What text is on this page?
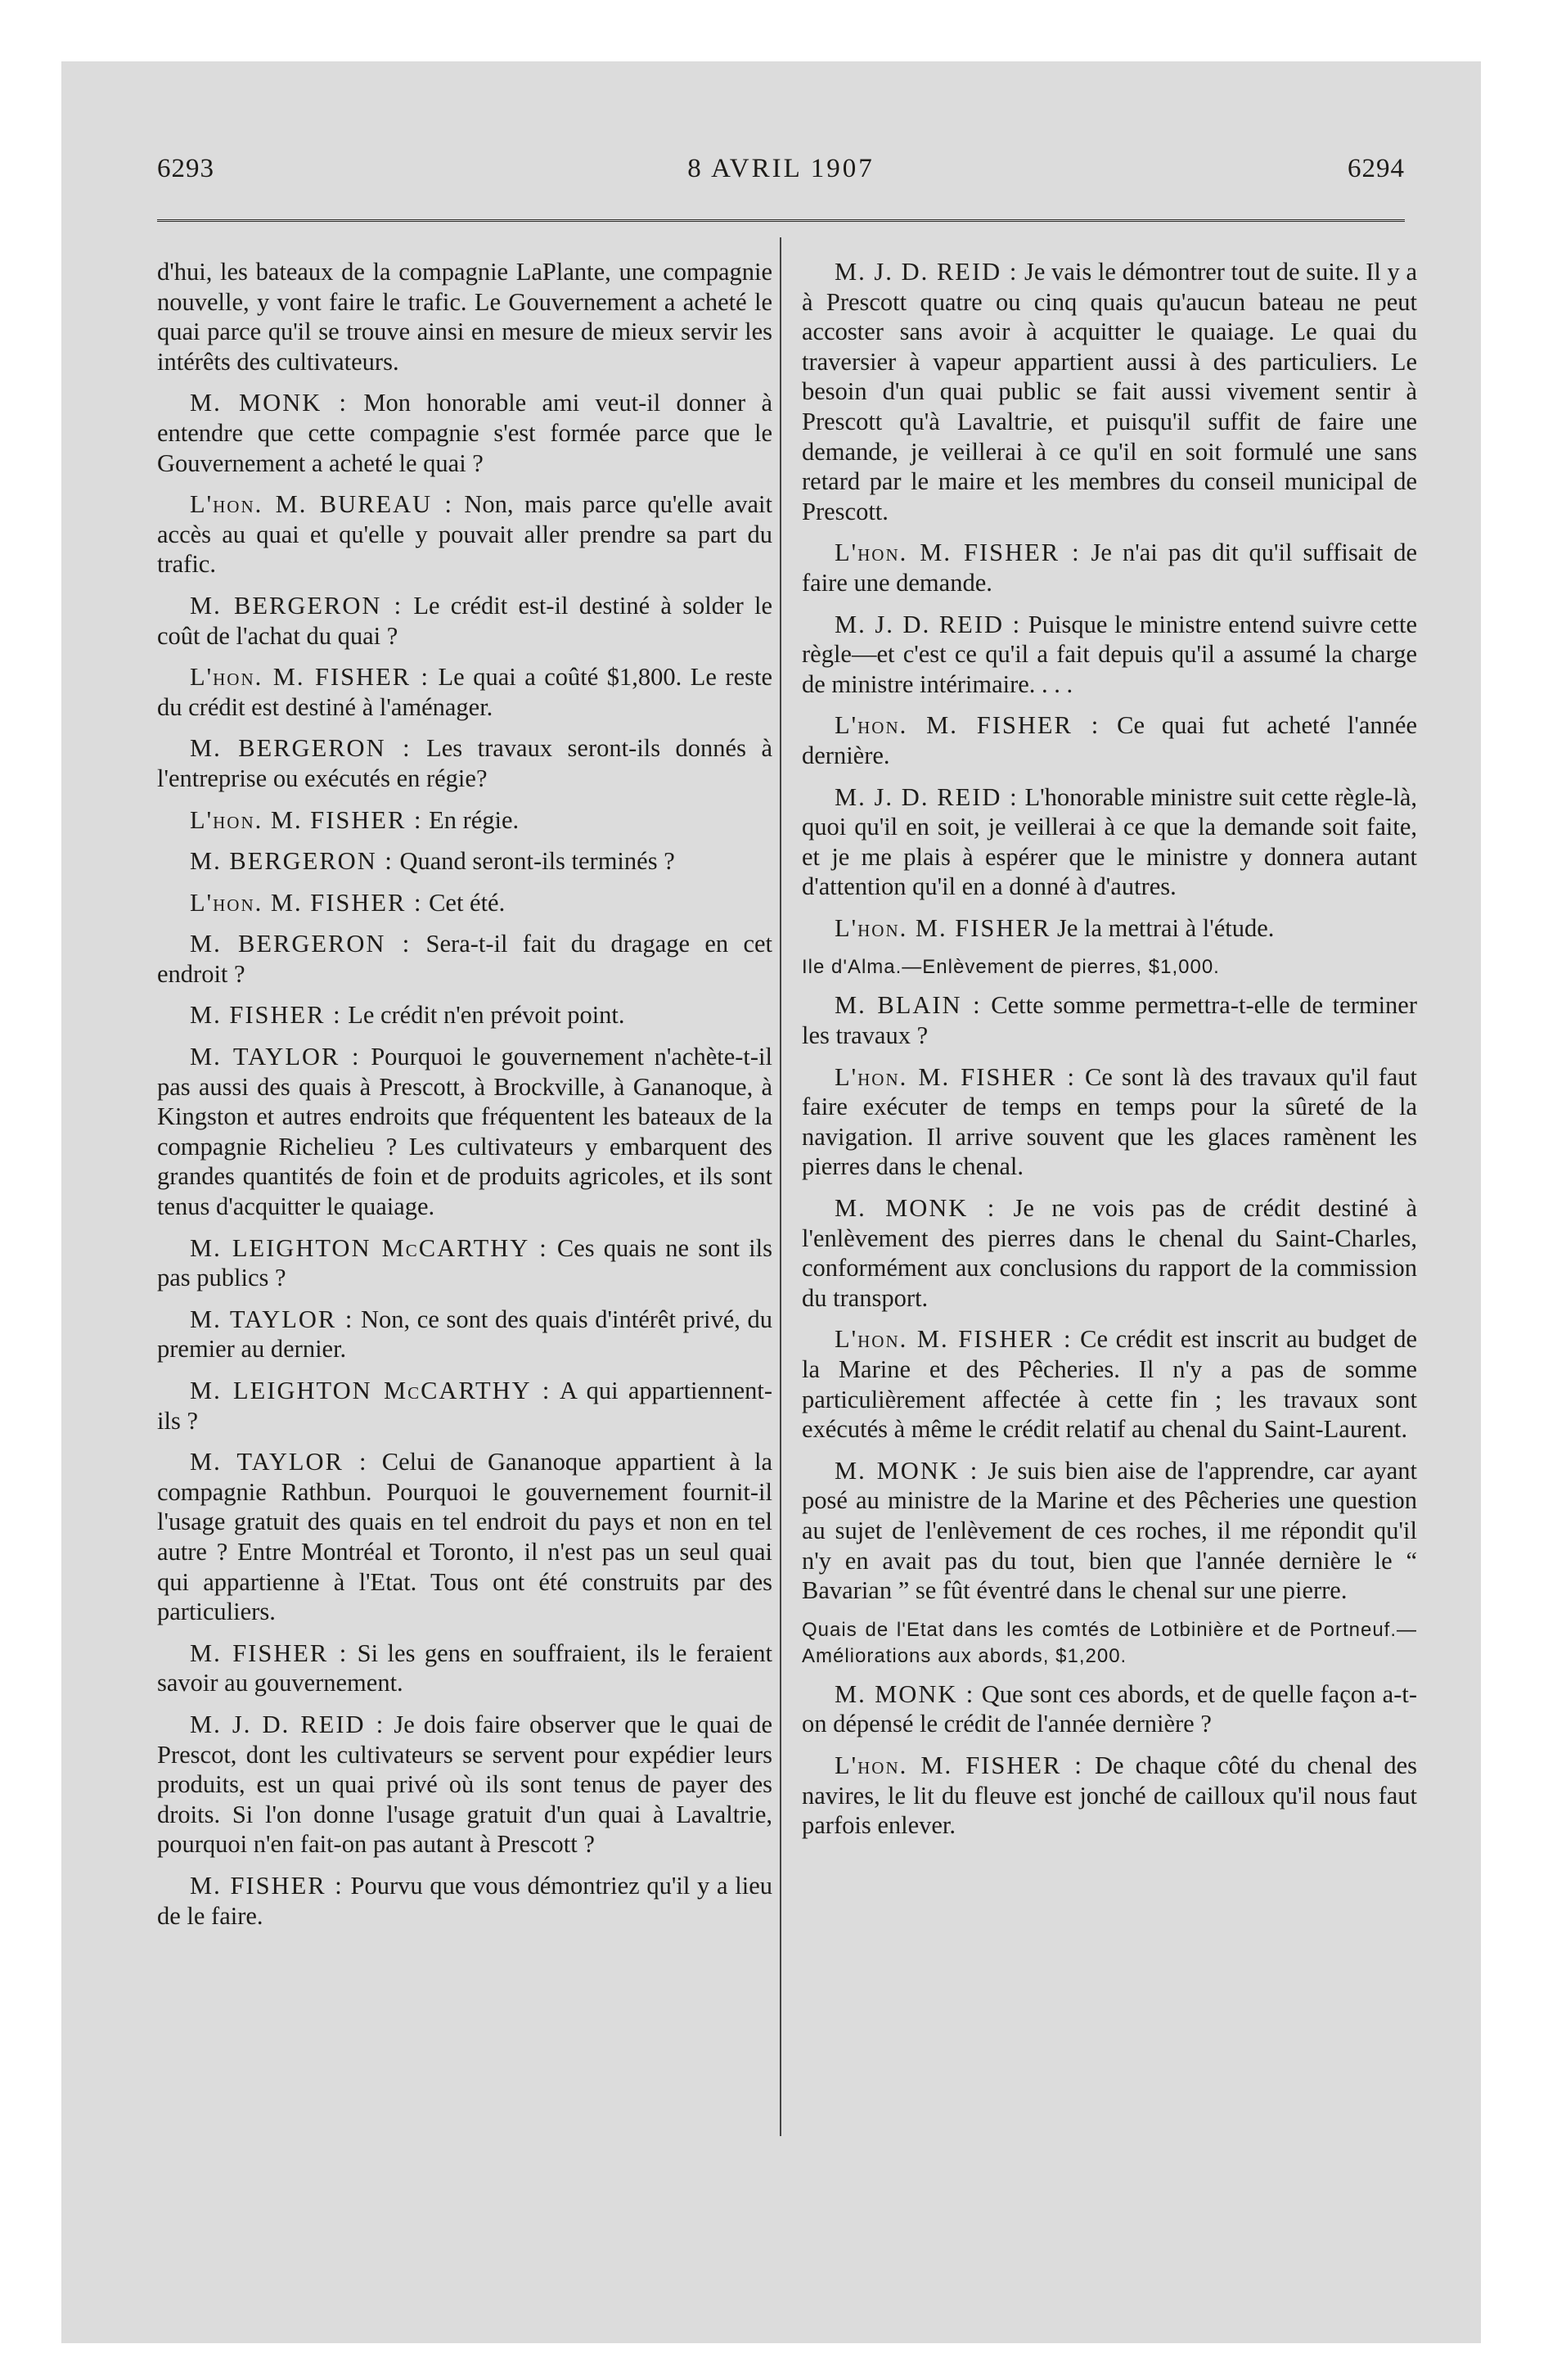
8 AVRIL 1907
6293	6294

d'hui, les bateaux de la compagnie LaPlante, une compagnie nouvelle, y vont faire le trafic. Le Gouvernement a acheté le quai parce qu'il se trouve ainsi en mesure de mieux servir les intérêts des cultivateurs.

M. MONK : Mon honorable ami veut-il donner à entendre que cette compagnie s'est formée parce que le Gouvernement a acheté le quai ?

L'hon. M. BUREAU : Non, mais parce qu'elle avait accès au quai et qu'elle y pouvait aller prendre sa part du trafic.

M. BERGERON : Le crédit est-il destiné à solder le coût de l'achat du quai ?

L'hon. M. FISHER : Le quai a coûté $1,800. Le reste du crédit est destiné à l'aménager.

M. BERGERON : Les travaux seront-ils donnés à l'entreprise ou exécutés en régie?

L'hon. M. FISHER : En régie.

M. BERGERON : Quand seront-ils terminés ?

L'hon. M. FISHER : Cet été.

M. BERGERON : Sera-t-il fait du dragage en cet endroit ?

M. FISHER : Le crédit n'en prévoit point.

M. TAYLOR : Pourquoi le gouvernement n'achète-t-il pas aussi des quais à Prescott, à Brockville, à Gananoque, à Kingston et autres endroits que fréquentent les bateaux de la compagnie Richelieu ? Les cultivateurs y embarquent des grandes quantités de foin et de produits agricoles, et ils sont tenus d'acquitter le quaiage.

M. LEIGHTON McCARTHY : Ces quais ne sont ils pas publics ?

M. TAYLOR : Non, ce sont des quais d'intérêt privé, du premier au dernier.

M. LEIGHTON McCARTHY : A qui appartiennent-ils ?

M. TAYLOR : Celui de Gananoque appartient à la compagnie Rathbun. Pourquoi le gouvernement fournit-il l'usage gratuit des quais en tel endroit du pays et non en tel autre ? Entre Montréal et Toronto, il n'est pas un seul quai qui appartienne à l'Etat. Tous ont été construits par des particuliers.

M. FISHER : Si les gens en souffraient, ils le feraient savoir au gouvernement.

M. J. D. REID : Je dois faire observer que le quai de Prescot, dont les cultivateurs se servent pour expédier leurs produits, est un quai privé où ils sont tenus de payer des droits. Si l'on donne l'usage gratuit d'un quai à Lavaltrie, pourquoi n'en fait-on pas autant à Prescott ?

M. FISHER : Pourvu que vous démontriez qu'il y a lieu de le faire.

M. J. D. REID : Je vais le démontrer tout de suite. Il y a à Prescott quatre ou cinq quais qu'aucun bateau ne peut accoster sans avoir à acquitter le quaiage. Le quai du traversier à vapeur appartient aussi à des particuliers. Le besoin d'un quai public se fait aussi vivement sentir à Prescott qu'à Lavaltrie, et puisqu'il suffit de faire une demande, je veillerai à ce qu'il en soit formulé une sans retard par le maire et les membres du conseil municipal de Prescott.

L'hon. M. FISHER : Je n'ai pas dit qu'il suffisait de faire une demande.

M. J. D. REID : Puisque le ministre entend suivre cette règle—et c'est ce qu'il a fait depuis qu'il a assumé la charge de ministre intérimaire. . . .

L'hon. M. FISHER : Ce quai fut acheté l'année dernière.

M. J. D. REID : L'honorable ministre suit cette règle-là, quoi qu'il en soit, je veillerai à ce que la demande soit faite, et je me plais à espérer que le ministre y donnera autant d'attention qu'il en a donné à d'autres.

L'hon. M. FISHER Je la mettrai à l'étude.

Ile d'Alma.—Enlèvement de pierres, $1,000.

M. BLAIN : Cette somme permettra-t-elle de terminer les travaux ?

L'hon. M. FISHER : Ce sont là des travaux qu'il faut faire exécuter de temps en temps pour la sûreté de la navigation. Il arrive souvent que les glaces ramènent les pierres dans le chenal.

M. MONK : Je ne vois pas de crédit destiné à l'enlèvement des pierres dans le chenal du Saint-Charles, conformément aux conclusions du rapport de la commission du transport.

L'hon. M. FISHER : Ce crédit est inscrit au budget de la Marine et des Pêcheries. Il n'y a pas de somme particulièrement affectée à cette fin ; les travaux sont exécutés à même le crédit relatif au chenal du Saint-Laurent.

M. MONK : Je suis bien aise de l'apprendre, car ayant posé au ministre de la Marine et des Pêcheries une question au sujet de l'enlèvement de ces roches, il me répondit qu'il n'y en avait pas du tout, bien que l'année dernière le “ Bavarian ” se fût éventré dans le chenal sur une pierre.

Quais de l'Etat dans les comtés de Lotbinière et de Portneuf.—Améliorations aux abords, $1,200.

M. MONK : Que sont ces abords, et de quelle façon a-t-on dépensé le crédit de l'année dernière ?

L'hon. M. FISHER : De chaque côté du chenal des navires, le lit du fleuve est jonché de cailloux qu'il nous faut parfois enlever.
